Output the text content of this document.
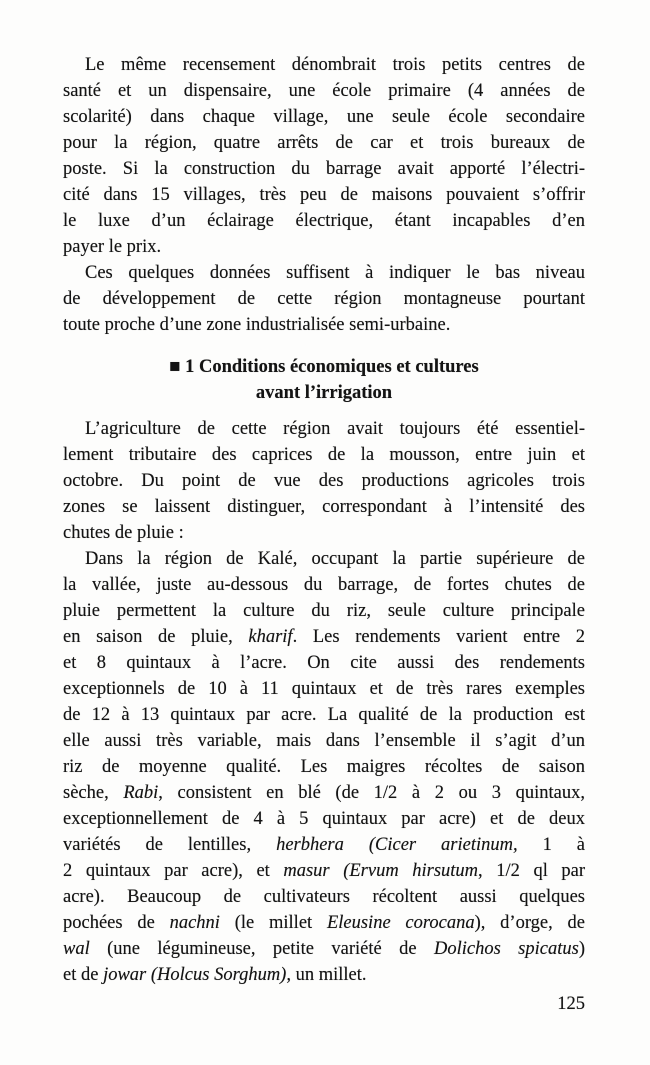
Le même recensement dénombrait trois petits centres de
santé et un dispensaire, une école primaire (4 années de
scolarité) dans chaque village, une seule école secondaire
pour la région, quatre arrêts de car et trois bureaux de
poste. Si la construction du barrage avait apporté l’électri-
cité dans 15 villages, très peu de maisons pouvaient s’offrir
le luxe d’un éclairage électrique, étant incapables d’en
payer le prix.
Ces quelques données suffisent à indiquer le bas niveau
de développement de cette région montagneuse pourtant
toute proche d’une zone industrialisée semi-urbaine.
■ 1 Conditions économiques et cultures
avant l’irrigation
L’agriculture de cette région avait toujours été essentiel-
lement tributaire des caprices de la mousson, entre juin et
octobre. Du point de vue des productions agricoles trois
zones se laissent distinguer, correspondant à l’intensité des
chutes de pluie :
Dans la région de Kalé, occupant la partie supérieure de
la vallée, juste au-dessous du barrage, de fortes chutes de
pluie permettent la culture du riz, seule culture principale
en saison de pluie, kharif. Les rendements varient entre 2
et 8 quintaux à l’acre. On cite aussi des rendements
exceptionnels de 10 à 11 quintaux et de très rares exemples
de 12 à 13 quintaux par acre. La qualité de la production est
elle aussi très variable, mais dans l’ensemble il s’agit d’un
riz de moyenne qualité. Les maigres récoltes de saison
sèche, Rabi, consistent en blé (de 1/2 à 2 ou 3 quintaux,
exceptionnellement de 4 à 5 quintaux par acre) et de deux
variétés de lentilles, herbhera (Cicer arietinum, 1 à
2 quintaux par acre), et masur (Ervum hirsutum, 1/2 ql par
acre). Beaucoup de cultivateurs récoltent aussi quelques
pochées de nachni (le millet Eleusine corocana), d’orge, de
wal (une légumineuse, petite variété de Dolichos spicatus)
et de jowar (Holcus Sorghum), un millet.
125
